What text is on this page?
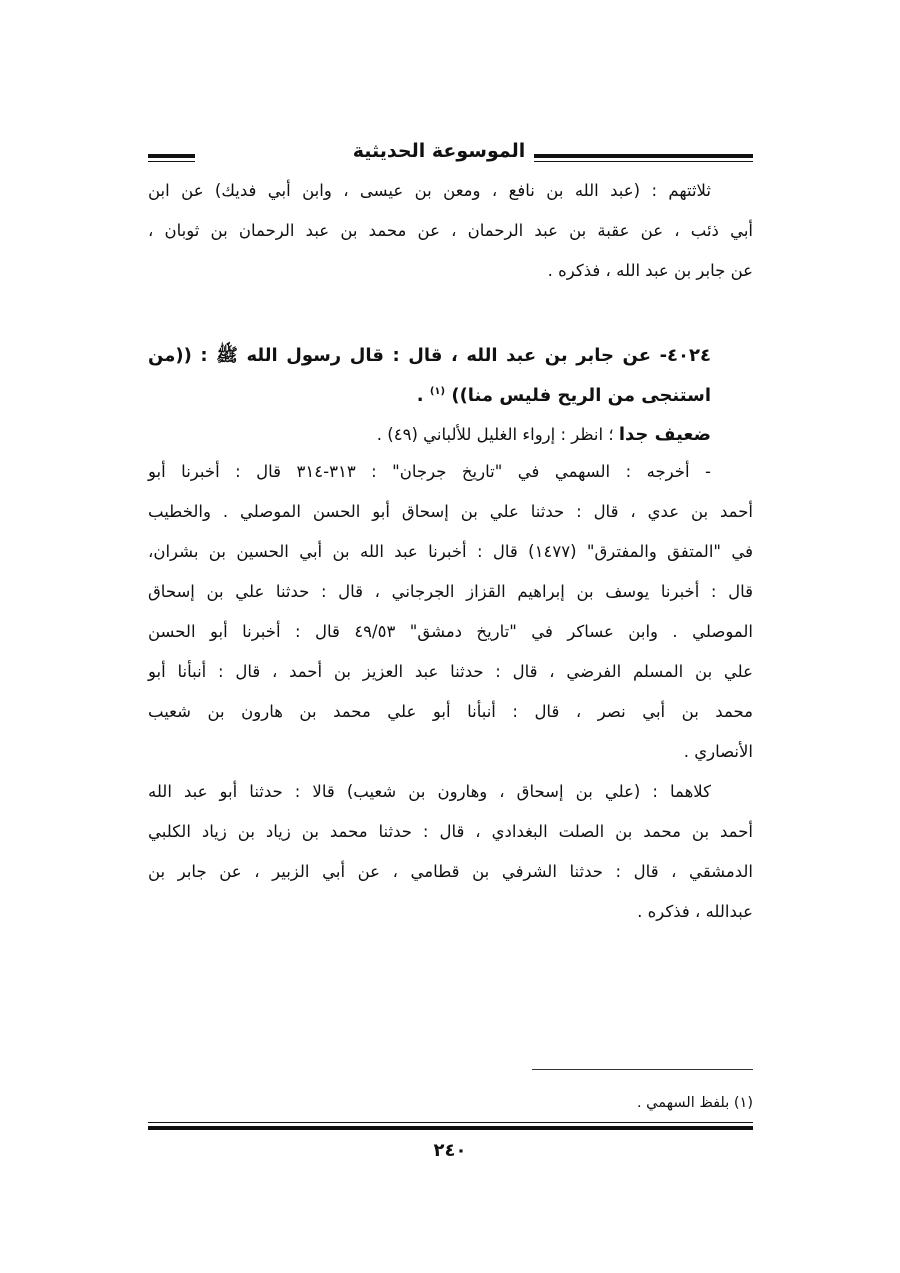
الموسوعة الحديثية
ثلاثتهم : (عبد الله بن نافع ، ومعن بن عيسى ، وابن أبي فديك) عن ابن
أبي ذئب ، عن عقبة بن عبد الرحمان ، عن محمد بن عبد الرحمان بن ثوبان ،
عن جابر بن عبد الله ، فذكره .
٤٠٢٤- عن جابر بن عبد الله ، قال : قال رسول الله ﷺ : ((من
استنجى من الريح فليس منا)) $^{(١)}$ .
ضعيف جدا ؛ انظر : إرواء الغليل للألباني (٤٩) .
- أخرجه : السهمي في "تاريخ جرجان" : ٣١٣-٣١٤ قال : أخبرنا أبو
أحمد بن عدي ، قال : حدثنا علي بن إسحاق أبو الحسن الموصلي . والخطيب
في "المتفق والمفترق" (١٤٧٧) قال : أخبرنا عبد الله بن أبي الحسين بن بشران،
قال : أخبرنا يوسف بن إبراهيم القزاز الجرجاني ، قال : حدثنا علي بن إسحاق
الموصلي . وابن عساكر في "تاريخ دمشق" ٤٩/٥٣ قال : أخبرنا أبو الحسن
علي بن المسلم الفرضي ، قال : حدثنا عبد العزيز بن أحمد ، قال : أنبأنا أبو
محمد بن أبي نصر ، قال : أنبأنا أبو علي محمد بن هارون بن شعيب
الأنصاري .
كلاهما : (علي بن إسحاق ، وهارون بن شعيب) قالا : حدثنا أبو عبد الله
أحمد بن محمد بن الصلت البغدادي ، قال : حدثنا محمد بن زياد بن زياد الكلبي
الدمشقي ، قال : حدثنا الشرفي بن قطامي ، عن أبي الزبير ، عن جابر بن
عبدالله ، فذكره .
(١) بلفظ السهمي .
٢٤٠
